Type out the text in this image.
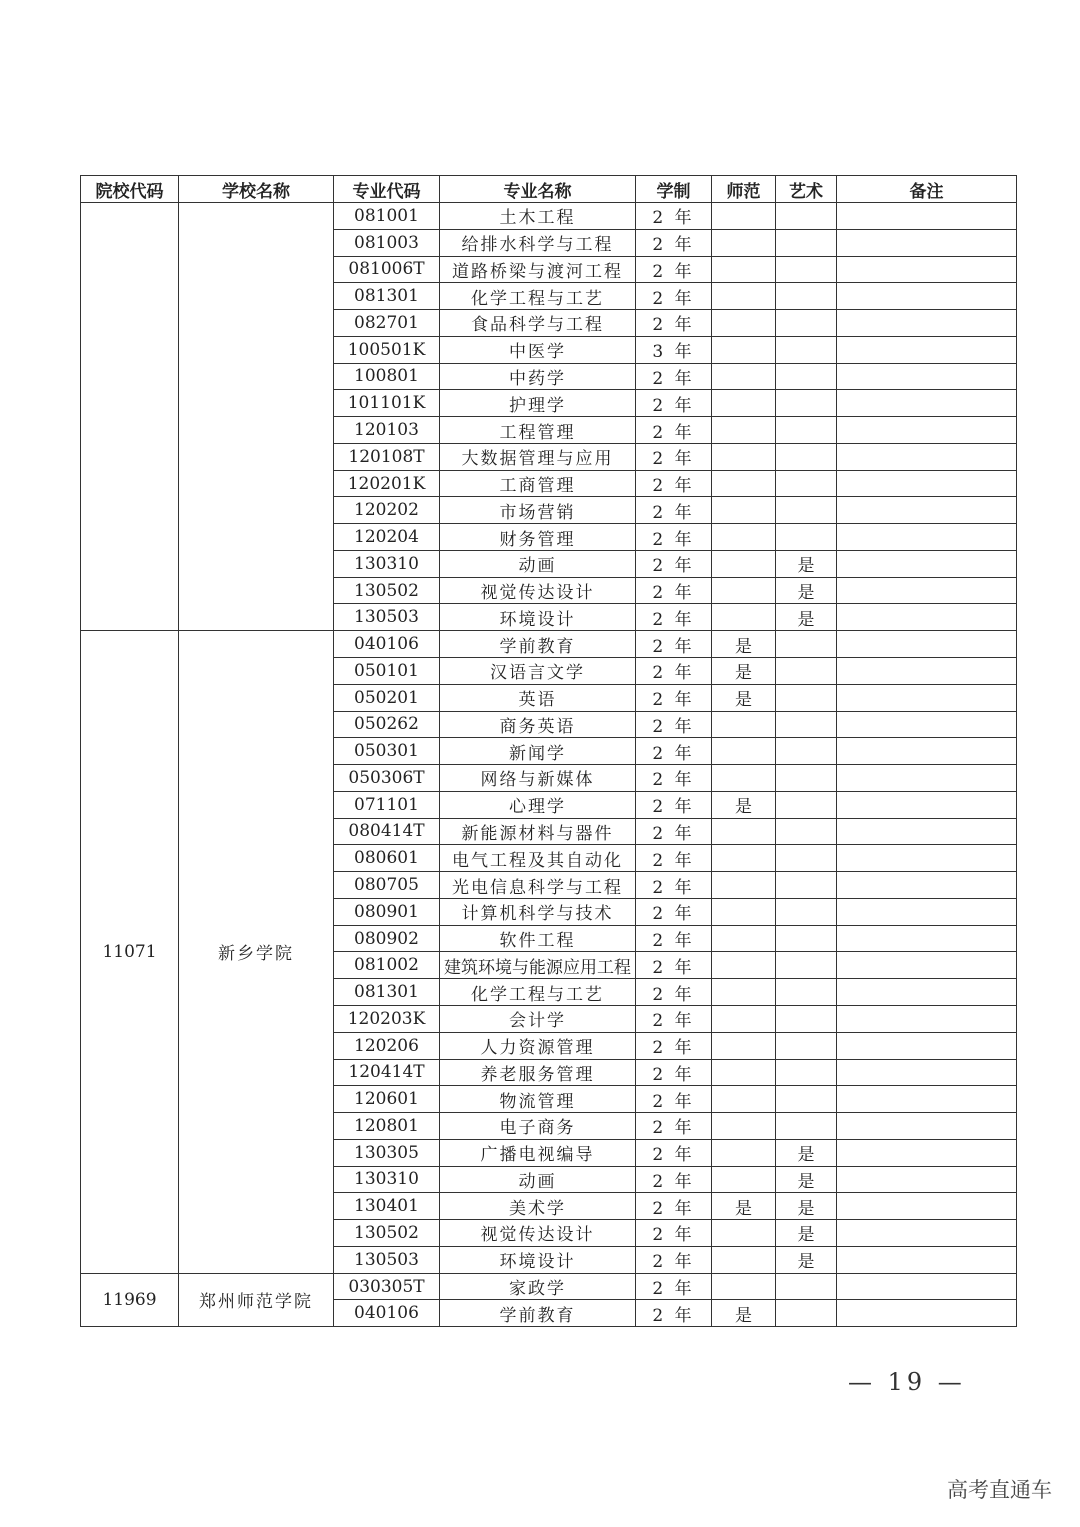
院校代码	学校名称	专业代码	专业名称	学制	师范	艺术	备注
		081001	土木工程	2 年			
		081003	给排水科学与工程	2 年			
		081006T	道路桥梁与渡河工程	2 年			
		081301	化学工程与工艺	2 年			
		082701	食品科学与工程	2 年			
		100501K	中医学	3 年			
		100801	中药学	2 年			
		101101K	护理学	2 年			
		120103	工程管理	2 年			
		120108T	大数据管理与应用	2 年			
		120201K	工商管理	2 年			
		120202	市场营销	2 年			
		120204	财务管理	2 年			
		130310	动画	2 年		是	
		130502	视觉传达设计	2 年		是	
		130503	环境设计	2 年		是	
11071	新乡学院	040106	学前教育	2 年	是		
		050101	汉语言文学	2 年	是		
		050201	英语	2 年	是		
		050262	商务英语	2 年			
		050301	新闻学	2 年			
		050306T	网络与新媒体	2 年			
		071101	心理学	2 年	是		
		080414T	新能源材料与器件	2 年			
		080601	电气工程及其自动化	2 年			
		080705	光电信息科学与工程	2 年			
		080901	计算机科学与技术	2 年			
		080902	软件工程	2 年			
		081002	建筑环境与能源应用工程	2 年			
		081301	化学工程与工艺	2 年			
		120203K	会计学	2 年			
		120206	人力资源管理	2 年			
		120414T	养老服务管理	2 年			
		120601	物流管理	2 年			
		120801	电子商务	2 年			
		130305	广播电视编导	2 年		是	
		130310	动画	2 年		是	
		130401	美术学	2 年	是	是	
		130502	视觉传达设计	2 年		是	
		130503	环境设计	2 年		是	
11969	郑州师范学院	030305T	家政学	2 年			
		040106	学前教育	2 年	是		
— 19 —
高考直通车
